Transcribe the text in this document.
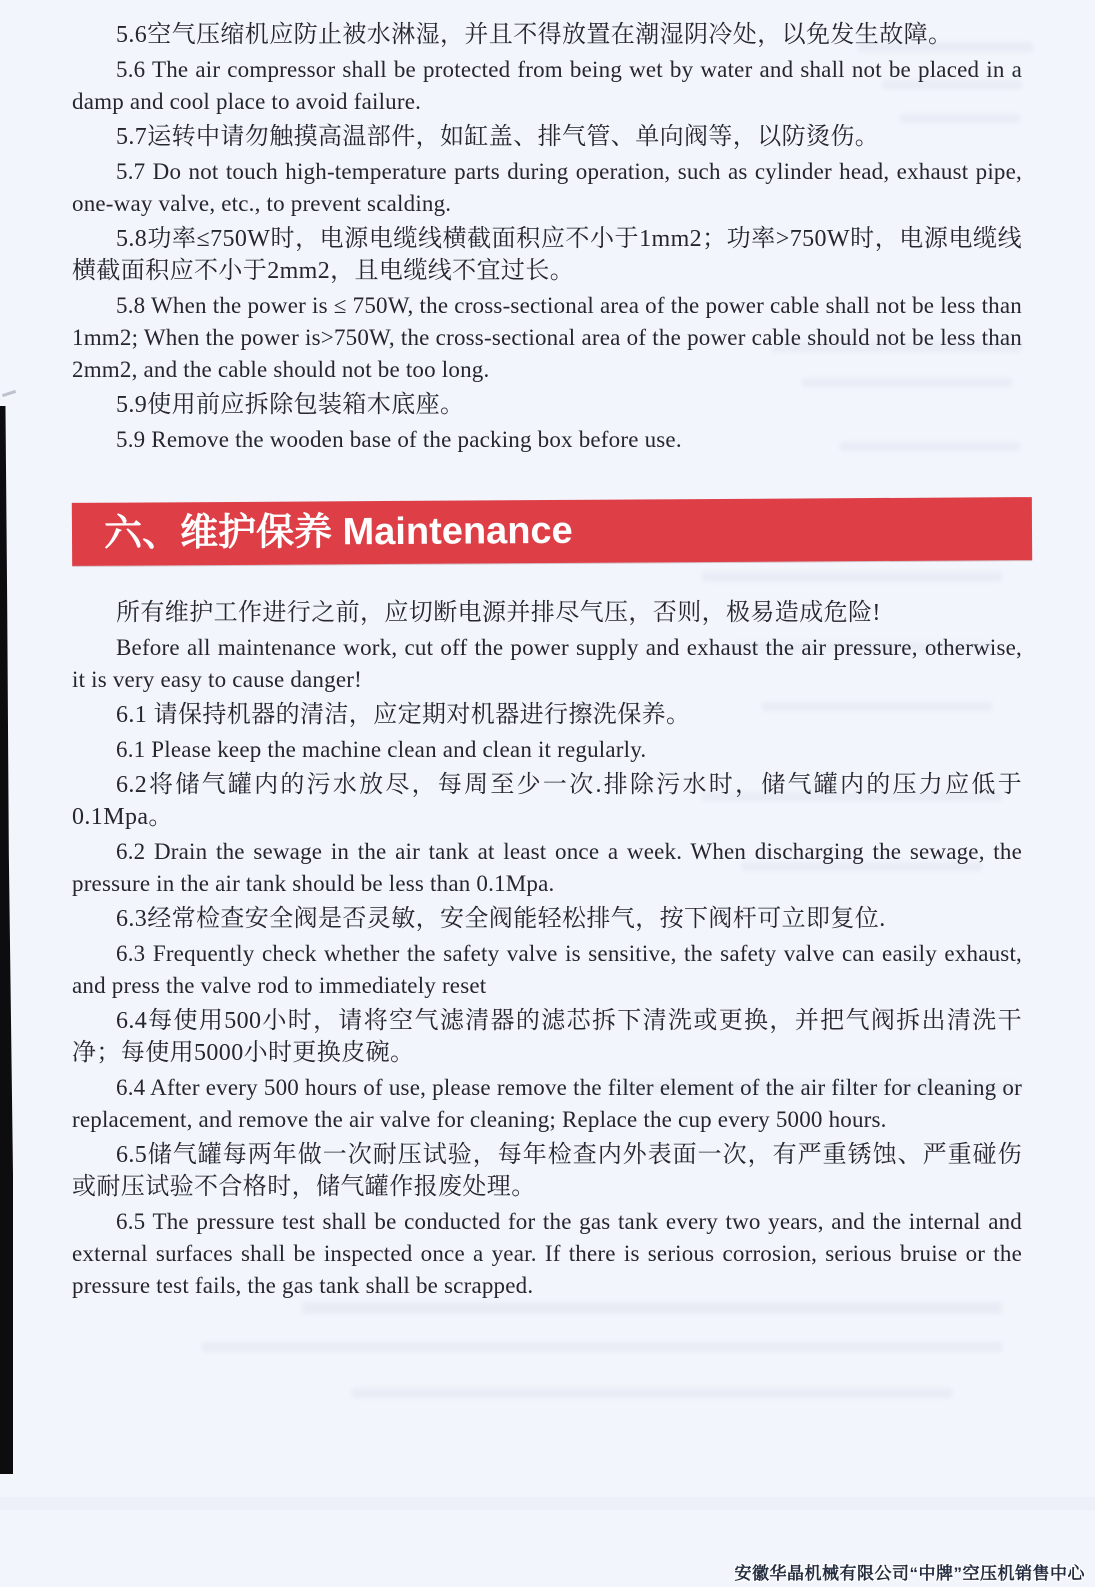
5.6空气压缩机应防止被水淋湿，并且不得放置在潮湿阴冷处，以免发生故障。

5.6 The air compressor shall be protected from being wet by water and shall not be placed in a damp and cool place to avoid failure.

5.7运转中请勿触摸高温部件，如缸盖、排气管、单向阀等，以防烫伤。

5.7 Do not touch high-temperature parts during operation, such as cylinder head, exhaust pipe, one-way valve, etc., to prevent scalding.

5.8功率≤750W时，电源电缆线横截面积应不小于1mm2；功率>750W时，电源电缆线横截面积应不小于2mm2，且电缆线不宜过长。

5.8 When the power is ≤ 750W, the cross-sectional area of the power cable shall not be less than 1mm2; When the power is>750W, the cross-sectional area of the power cable should not be less than 2mm2, and the cable should not be too long.

5.9使用前应拆除包装箱木底座。

5.9 Remove the wooden base of the packing box before use.

六、维护保养 Maintenance

所有维护工作进行之前，应切断电源并排尽气压，否则，极易造成危险!

Before all maintenance work, cut off the power supply and exhaust the air pressure, otherwise, it is very easy to cause danger!

6.1 请保持机器的清洁，应定期对机器进行擦洗保养。

6.1 Please keep the machine clean and clean it regularly.

6.2将储气罐内的污水放尽，每周至少一次.排除污水时，储气罐内的压力应低于0.1Mpa。

6.2 Drain the sewage in the air tank at least once a week. When discharging the sewage, the pressure in the air tank should be less than 0.1Mpa.

6.3经常检查安全阀是否灵敏，安全阀能轻松排气，按下阀杆可立即复位.

6.3 Frequently check whether the safety valve is sensitive, the safety valve can easily exhaust, and press the valve rod to immediately reset

6.4每使用500小时，请将空气滤清器的滤芯拆下清洗或更换，并把气阀拆出清洗干净；每使用5000小时更换皮碗。

6.4 After every 500 hours of use, please remove the filter element of the air filter for cleaning or replacement, and remove the air valve for cleaning; Replace the cup every 5000 hours.

6.5储气罐每两年做一次耐压试验，每年检查内外表面一次，有严重锈蚀、严重碰伤或耐压试验不合格时，储气罐作报废处理。

6.5 The pressure test shall be conducted for the gas tank every two years, and the internal and external surfaces shall be inspected once a year. If there is serious corrosion, serious bruise or the pressure test fails, the gas tank shall be scrapped.

安徽华晶机械有限公司“中牌”空压机销售中心
